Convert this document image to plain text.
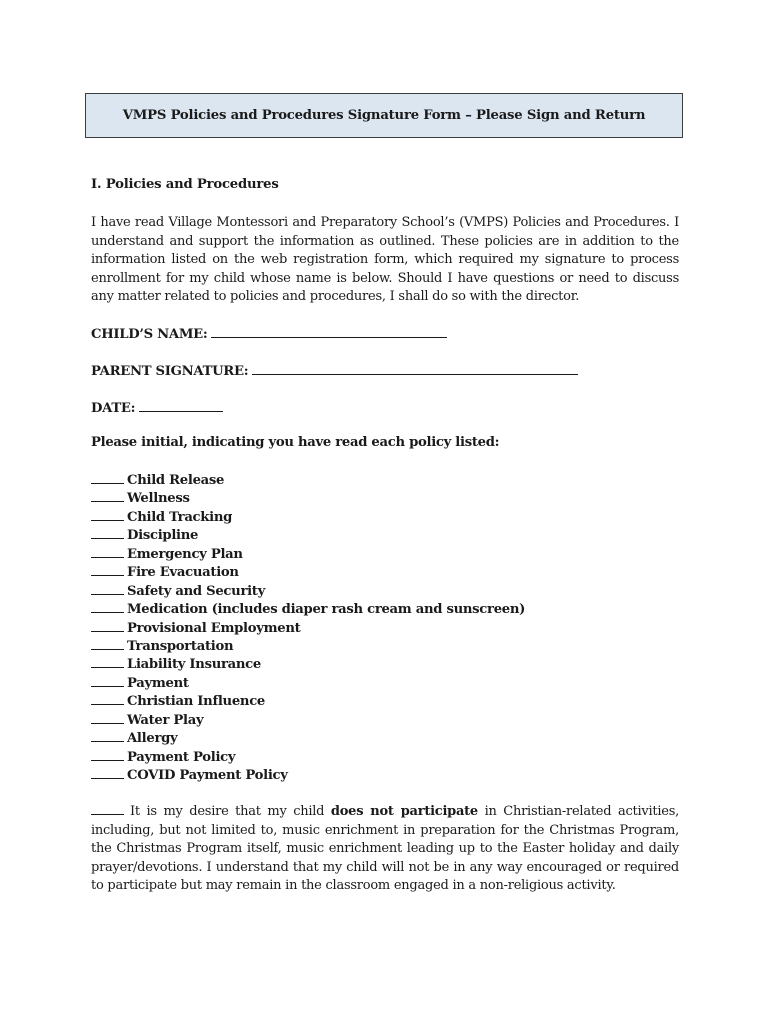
VMPS Policies and Procedures Signature Form – Please Sign and Return
I. Policies and Procedures

I have read Village Montessori and Preparatory School’s (VMPS) Policies and Procedures. I understand and support the information as outlined. These policies are in addition to the information listed on the web registration form, which required my signature to process enrollment for my child whose name is below. Should I have questions or need to discuss any matter related to policies and procedures, I shall do so with the director.

CHILD’S NAME:
PARENT SIGNATURE:
DATE:
Please initial, indicating you have read each policy listed:
Child Release
Wellness
Child Tracking
Discipline
Emergency Plan
Fire Evacuation
Safety and Security
Medication (includes diaper rash cream and sunscreen)
Provisional Employment
Transportation
Liability Insurance
Payment
Christian Influence
Water Play
Allergy
Payment Policy
COVID Payment Policy

It is my desire that my child does not participate in Christian-related activities, including, but not limited to, music enrichment in preparation for the Christmas Program, the Christmas Program itself, music enrichment leading up to the Easter holiday and daily prayer/devotions. I understand that my child will not be in any way encouraged or required to participate but may remain in the classroom engaged in a non-religious activity.
